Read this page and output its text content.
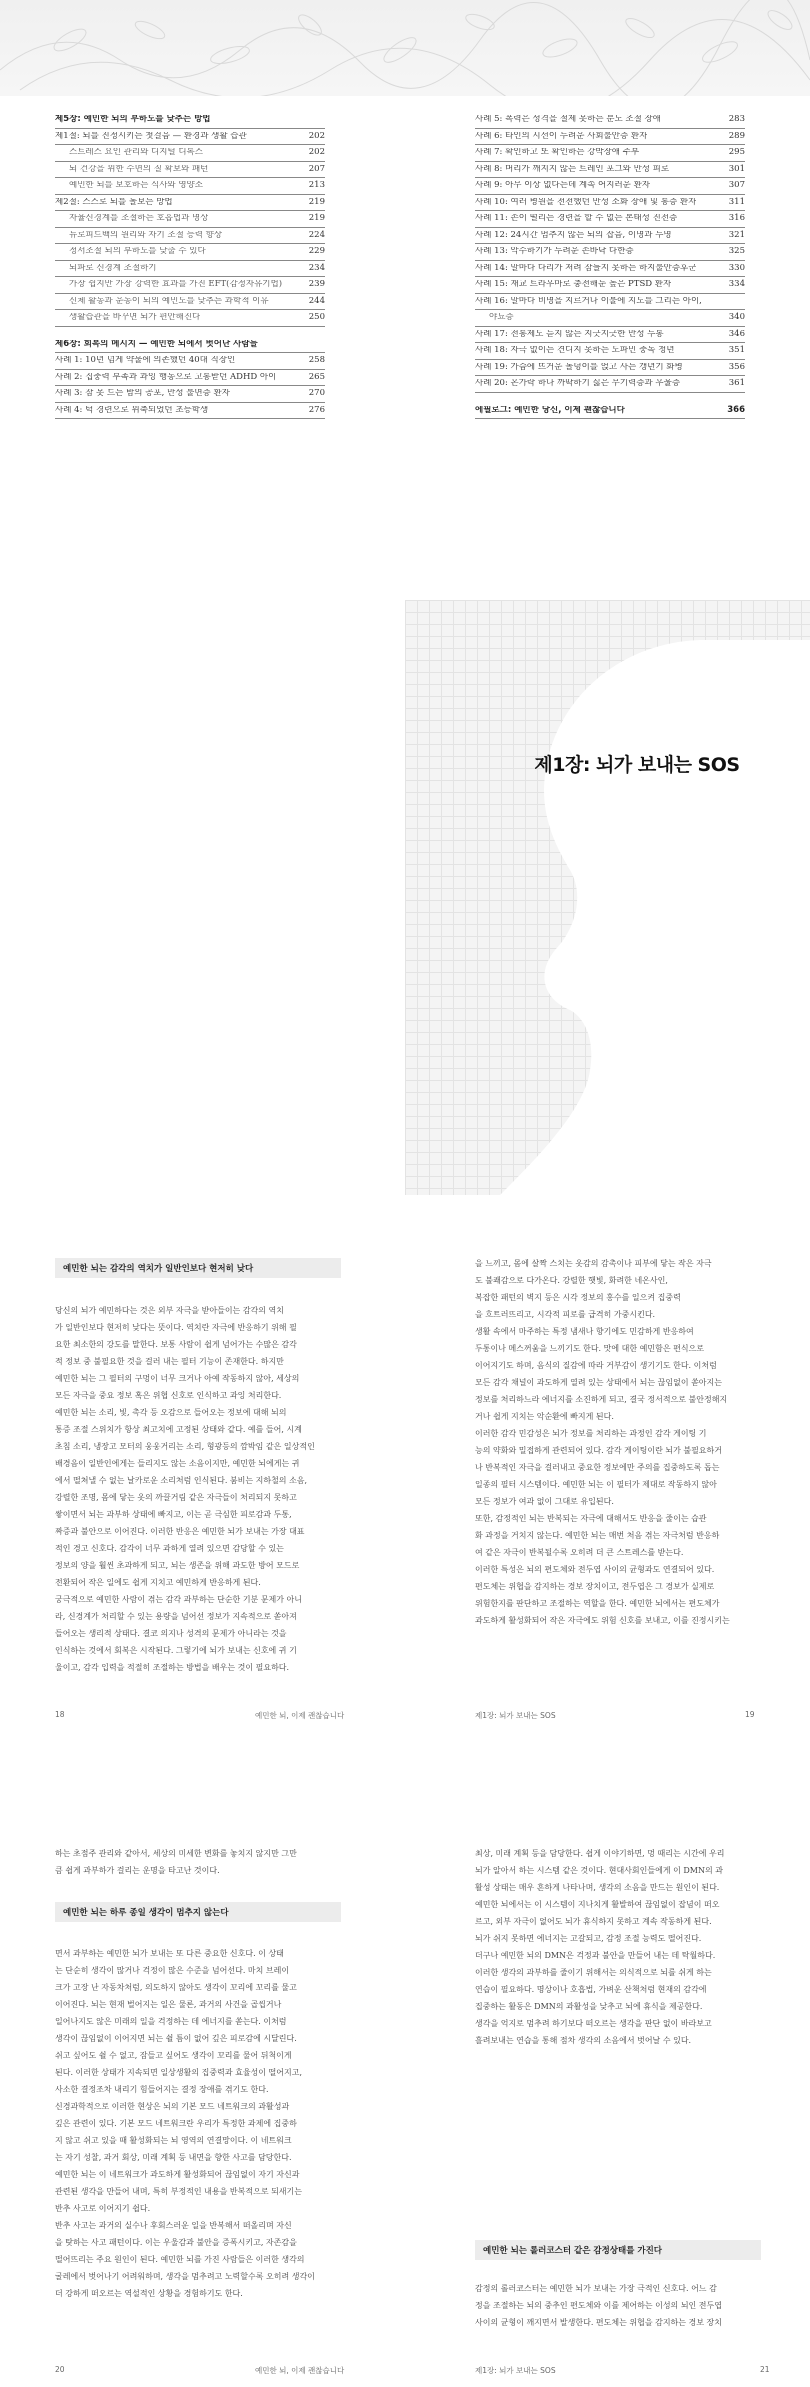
제5장: 예민한 뇌의 부하도를 낮추는 방법
제1절: 뇌를 진정시키는 첫걸음 — 환경과 생활 습관	202
스트레스 요인 관리와 디지털 디톡스	202
뇌 건강을 위한 수면의 질 확보와 패턴	207
예민한 뇌를 보호하는 식사와 영양소	213
제2절: 스스로 뇌를 돌보는 방법	219
자율신경계를 조절하는 호흡법과 명상	219
뉴로피드백의 원리와 자기 조절 능력 향상	224
정서조절 뇌의 부하도를 낮출 수 있다	229
뇌파로 신경계 조절하기	234
가장 쉽지만 가장 강력한 효과를 가진 EFT(감정자유기법)	239
신체 활동과 운동이 뇌의 예민도를 낮추는 과학적 이유	244
생활습관을 바꾸면 뇌가 편안해진다	250
제6장: 회복의 메시지 — 예민한 뇌에서 벗어난 사람들
사례 1: 10년 넘게 약물에 의존했던 40대 직장인	258
사례 2: 집중력 부족과 과잉 행동으로 고통받던 ADHD 아이	265
사례 3: 잠 못 드는 밤의 공포, 만성 불면증 환자	270
사례 4: 턱 경련으로 위축되었던 초등학생	276
사례 5: 폭력은 성격을 절제 못하는 분노 조절 장애	283
사례 6: 타인의 시선이 두려운 사회불안증 환자	289
사례 7: 확인하고 또 확인하는 강박장애 주부	295
사례 8: 머리가 깨지지 않는 트레인 포그와 만성 피로	301
사례 9: 아무 이상 없다는데 계속 어지러운 환자	307
사례 10: 여러 병원을 전전했던 만성 소화 장애 및 통증 환자	311
사례 11: 손이 떨리는 경련을 할 수 없는 본태성 진전증	316
사례 12: 24시간 멈추지 않는 뇌의 잡음, 이명과 두명	321
사례 13: 악수하기가 두려운 손바닥 다한증	325
사례 14: 말마다 다리가 저려 잠들지 못하는 하지불안증후군	330
사례 15: 재교 트라우마로 충전해둔 높은 PTSD 환자	334
사례 16: 말마다 비명을 지르거나 이불에 지도를 그리는 아이,
야뇨증	340
사례 17: 전통제도 듣지 않는 지긋지긋한 만성 두통	346
사례 18: 자극 없이는 견디지 못하는 도파민 중독 청년	351
사례 19: 가슴에 뜨거운 돌덩이를 얹고 사는 갱년기 화병	356
사례 20: 온가락 하나 까딱하기 싫은 무기력증과 우울증	361
에필로그: 예민한 당신, 이제 괜찮습니다	366
제1장: 뇌가 보내는 SOS
예민한 뇌는 감각의 역치가 일반인보다 현저히 낮다
당신의 뇌가 예민하다는 것은 외부 자극을 받아들이는 감각의 역치
가 일반인보다 현저히 낮다는 뜻이다. 역치란 자극에 반응하기 위해 필
요한 최소한의 강도를 말한다. 보통 사람이 쉽게 넘어가는 수많은 감각
적 정보 중 불필요한 것을 걸러 내는 필터 기능이 존재한다. 하지만
예민한 뇌는 그 필터의 구멍이 너무 크거나 아예 작동하지 않아, 세상의
모든 자극을 중요 정보 혹은 위협 신호로 인식하고 과잉 처리한다.
예민한 뇌는 소리, 빛, 촉각 등 오감으로 들어오는 정보에 대해 뇌의
통증 조절 스위치가 항상 최고치에 고정된 상태와 같다. 예를 들어, 시계
초침 소리, 냉장고 모터의 웅웅거리는 소리, 형광등의 깜박임 같은 일상적인
배경음이 일반인에게는 들리지도 않는 소음이지만, 예민한 뇌에게는 귀
에서 떨쳐낼 수 없는 날카로운 소리처럼 인식된다. 붐비는 지하철의 소음,
강렬한 조명, 몸에 닿는 옷의 까끌거림 같은 자극들이 처리되지 못하고
쌓이면서 뇌는 과부하 상태에 빠지고, 이는 곧 극심한 피로감과 두통,
짜증과 불안으로 이어진다. 이러한 반응은 예민한 뇌가 보내는 가장 대표
적인 경고 신호다. 감각이 너무 과하게 열려 있으면 감당할 수 있는
정보의 양을 훨씬 초과하게 되고, 뇌는 생존을 위해 과도한 방어 모드로
전환되어 작은 일에도 쉽게 지치고 예민하게 반응하게 된다.
궁극적으로 예민한 사람이 겪는 감각 과부하는 단순한 기분 문제가 아니
라, 신경계가 처리할 수 있는 용량을 넘어선 정보가 지속적으로 쏟아져
들어오는 생리적 상태다. 결코 의지나 성격의 문제가 아니라는 것을
인식하는 것에서 회복은 시작된다. 그렇기에 뇌가 보내는 신호에 귀 기
울이고, 감각 입력을 적절히 조절하는 방법을 배우는 것이 필요하다.
18	예민한 뇌, 이제 괜찮습니다
을 느끼고, 몸에 살짝 스치는 옷감의 감촉이나 피부에 닿는 작은 자극
도 불쾌감으로 다가온다. 강렬한 햇빛, 화려한 네온사인,
복잡한 패턴의 벽지 등은 시각 정보의 홍수를 일으켜 집중력
을 흐트러뜨리고, 시각적 피로를 급격히 가중시킨다.
생활 속에서 마주하는 특정 냄새나 향기에도 민감하게 반응하여
두통이나 메스꺼움을 느끼기도 한다. 맛에 대한 예민함은 편식으로
이어지기도 하며, 음식의 질감에 따라 거부감이 생기기도 한다. 이처럼
모든 감각 채널이 과도하게 열려 있는 상태에서 뇌는 끊임없이 쏟아지는
정보를 처리하느라 에너지를 소진하게 되고, 결국 정서적으로 불안정해지
거나 쉽게 지치는 악순환에 빠지게 된다.
이러한 감각 민감성은 뇌가 정보를 처리하는 과정인 감각 게이팅 기
능의 약화와 밀접하게 관련되어 있다. 감각 게이팅이란 뇌가 불필요하거
나 반복적인 자극을 걸러내고 중요한 정보에만 주의를 집중하도록 돕는
일종의 필터 시스템이다. 예민한 뇌는 이 필터가 제대로 작동하지 않아
모든 정보가 여과 없이 그대로 유입된다.
또한, 감정적인 뇌는 반복되는 자극에 대해서도 반응을 줄이는 습관
화 과정을 거치지 않는다. 예민한 뇌는 매번 처음 겪는 자극처럼 반응하
여 같은 자극이 반복될수록 오히려 더 큰 스트레스를 받는다.
이러한 특성은 뇌의 편도체와 전두엽 사이의 균형과도 연결되어 있다.
편도체는 위협을 감지하는 경보 장치이고, 전두엽은 그 경보가 실제로
위험한지를 판단하고 조절하는 역할을 한다. 예민한 뇌에서는 편도체가
과도하게 활성화되어 작은 자극에도 위험 신호를 보내고, 이를 진정시키는
제1장: 뇌가 보내는 SOS	19
하는 초점주 관리와 같아서, 세상의 미세한 변화를 놓치지 않지만 그만
큼 쉽게 과부하가 걸리는 운명을 타고난 것이다.
예민한 뇌는 하루 종일 생각이 멈추지 않는다
면서 과부하는 예민한 뇌가 보내는 또 다른 중요한 신호다. 이 상태
는 단순히 생각이 많거나 걱정이 많은 수준을 넘어선다. 마치 브레이
크가 고장 난 자동차처럼, 의도하지 않아도 생각이 꼬리에 꼬리를 물고
이어진다. 뇌는 현재 벌어지는 일은 물론, 과거의 사건을 곱씹거나
일어나지도 않은 미래의 일을 걱정하는 데 에너지를 쏟는다. 이처럼
생각이 끊임없이 이어지면 뇌는 쉴 틈이 없어 깊은 피로감에 시달린다.
쉬고 싶어도 쉴 수 없고, 잠들고 싶어도 생각이 꼬리를 물어 뒤척이게
된다. 이러한 상태가 지속되면 일상생활의 집중력과 효율성이 떨어지고,
사소한 결정조차 내리기 힘들어지는 결정 장애를 겪기도 한다.
신경과학적으로 이러한 현상은 뇌의 기본 모드 네트워크의 과활성과
깊은 관련이 있다. 기본 모드 네트워크란 우리가 특정한 과제에 집중하
지 않고 쉬고 있을 때 활성화되는 뇌 영역의 연결망이다. 이 네트워크
는 자기 성찰, 과거 회상, 미래 계획 등 내면을 향한 사고를 담당한다.
예민한 뇌는 이 네트워크가 과도하게 활성화되어 끊임없이 자기 자신과
관련된 생각을 만들어 내며, 특히 부정적인 내용을 반복적으로 되새기는
반추 사고로 이어지기 쉽다.
반추 사고는 과거의 실수나 후회스러운 일을 반복해서 떠올리며 자신
을 탓하는 사고 패턴이다. 이는 우울감과 불안을 증폭시키고, 자존감을
떨어뜨리는 주요 원인이 된다. 예민한 뇌를 가진 사람들은 이러한 생각의
굴레에서 벗어나기 어려워하며, 생각을 멈추려고 노력할수록 오히려 생각이
더 강하게 떠오르는 역설적인 상황을 경험하기도 한다.
20	예민한 뇌, 이제 괜찮습니다
최상, 미래 계획 등을 담당한다. 쉽게 이야기하면, 멍 때리는 시간에 우리
뇌가 알아서 하는 시스템 같은 것이다. 현대사회인들에게 이 DMN의 과
활성 상태는 매우 흔하게 나타나며, 생각의 소음을 만드는 원인이 된다.
예민한 뇌에서는 이 시스템이 지나치게 활발하여 끊임없이 잡념이 떠오
르고, 외부 자극이 없어도 뇌가 휴식하지 못하고 계속 작동하게 된다.
뇌가 쉬지 못하면 에너지는 고갈되고, 감정 조절 능력도 떨어진다.
더구나 예민한 뇌의 DMN은 걱정과 불안을 만들어 내는 데 탁월하다.
이러한 생각의 과부하를 줄이기 위해서는 의식적으로 뇌를 쉬게 하는
연습이 필요하다. 명상이나 호흡법, 가벼운 산책처럼 현재의 감각에
집중하는 활동은 DMN의 과활성을 낮추고 뇌에 휴식을 제공한다.
생각을 억지로 멈추려 하기보다 떠오르는 생각을 판단 없이 바라보고
흘려보내는 연습을 통해 점차 생각의 소음에서 벗어날 수 있다.
예민한 뇌는 롤러코스터 같은 감정상태를 가진다
감정의 롤러코스터는 예민한 뇌가 보내는 가장 극적인 신호다. 어느 감
정을 조절하는 뇌의 중추인 편도체와 이를 제어하는 이성의 뇌인 전두엽
사이의 균형이 깨지면서 발생한다. 편도체는 위협을 감지하는 경보 장치
제1장: 뇌가 보내는 SOS	21
